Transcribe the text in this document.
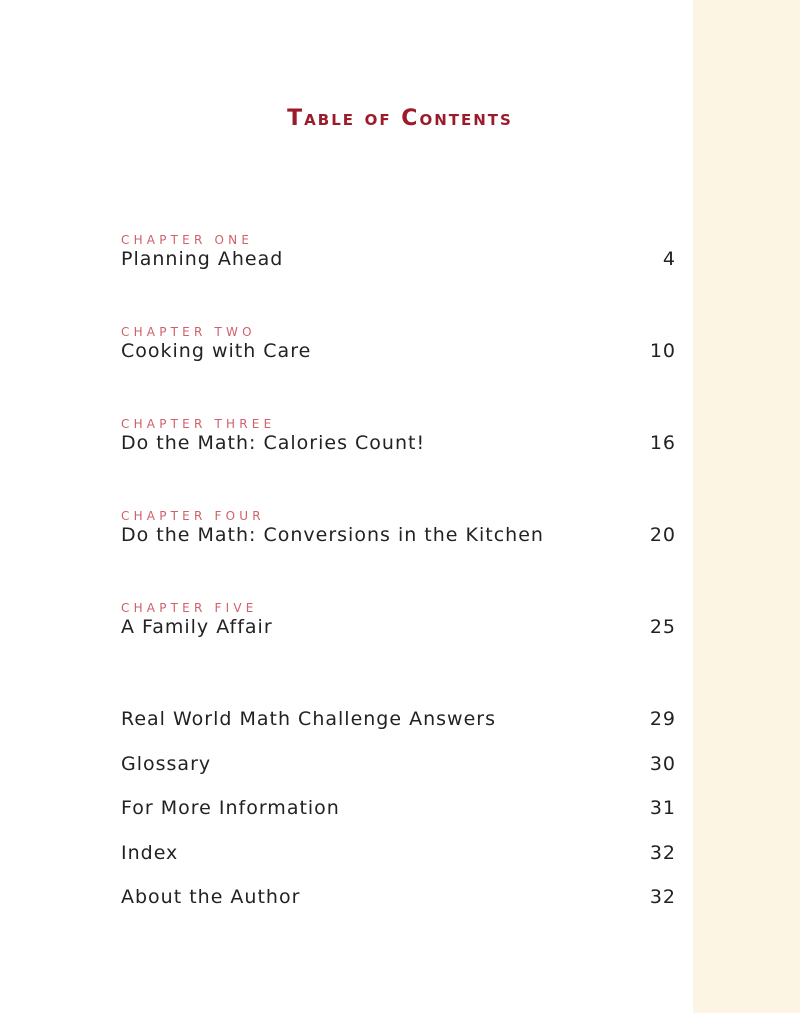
Table of Contents
CHAPTER ONE
Planning Ahead	4
CHAPTER TWO
Cooking with Care	10
CHAPTER THREE
Do the Math: Calories Count!	16
CHAPTER FOUR
Do the Math: Conversions in the Kitchen	20
CHAPTER FIVE
A Family Affair	25
Real World Math Challenge Answers	29
Glossary	30
For More Information	31
Index	32
About the Author	32
